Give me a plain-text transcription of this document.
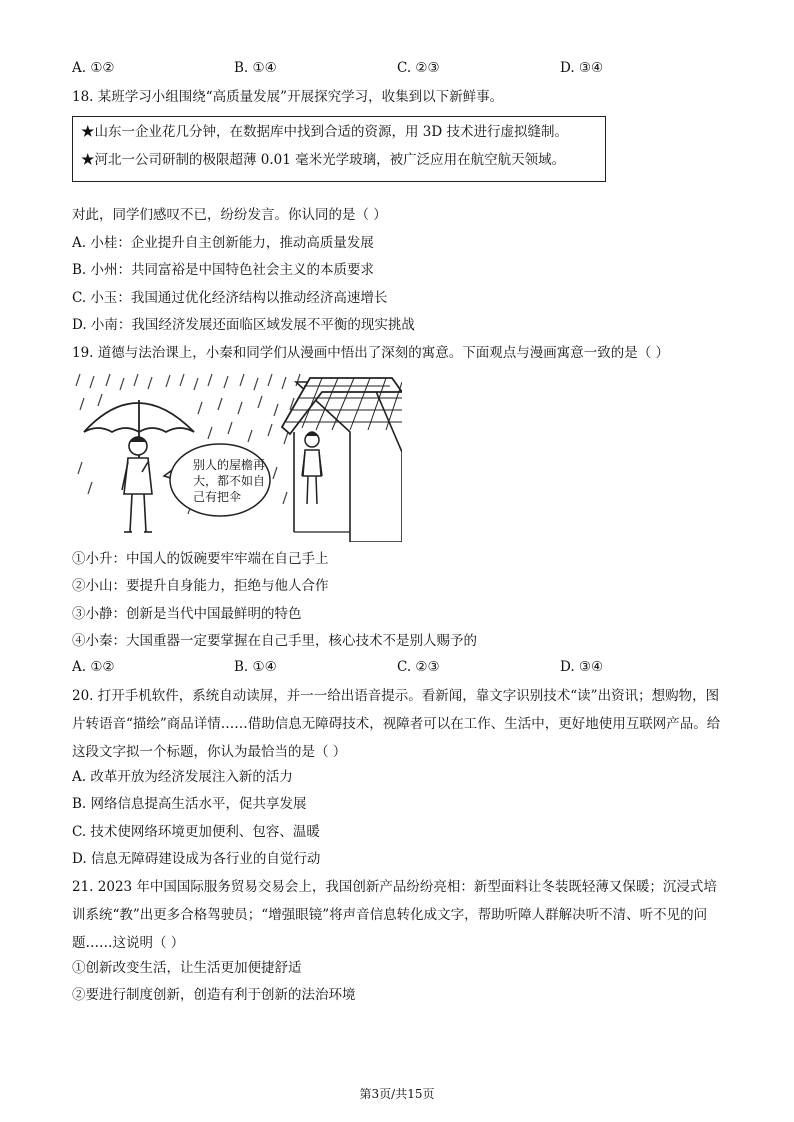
A. ①②	B. ①④	C. ②③	D. ③④
18. 某班学习小组围绕“高质量发展”开展探究学习，收集到以下新鲜事。
★山东一企业花几分钟，在数据库中找到合适的资源，用 3D 技术进行虚拟缝制。
★河北一公司研制的极限超薄 0.01 毫米光学玻璃，被广泛应用在航空航天领域。
对此，同学们感叹不已，纷纷发言。你认同的是（ ）
A. 小桂：企业提升自主创新能力，推动高质量发展
B. 小州：共同富裕是中国特色社会主义的本质要求
C. 小玉：我国通过优化经济结构以推动经济高速增长
D. 小南：我国经济发展还面临区域发展不平衡的现实挑战
19. 道德与法治课上，小秦和同学们从漫画中悟出了深刻的寓意。下面观点与漫画寓意一致的是（ ）
别人的屋檐再
大，都不如自
己有把伞
①小升：中国人的饭碗要牢牢端在自己手上
②小山：要提升自身能力，拒绝与他人合作
③小静：创新是当代中国最鲜明的特色
④小秦：大国重器一定要掌握在自己手里，核心技术不是别人赐予的
A. ①②	B. ①④	C. ②③	D. ③④
20. 打开手机软件，系统自动读屏，并一一给出语音提示。看新闻，靠文字识别技术“读”出资讯；想购物，图片转语音“描绘”商品详情……借助信息无障碍技术，视障者可以在工作、生活中，更好地使用互联网产品。给这段文字拟一个标题，你认为最恰当的是（ ）
A. 改革开放为经济发展注入新的活力
B. 网络信息提高生活水平，促共享发展
C. 技术使网络环境更加便利、包容、温暖
D. 信息无障碍建设成为各行业的自觉行动
21. 2023 年中国国际服务贸易交易会上，我国创新产品纷纷亮相：新型面料让冬装既轻薄又保暖；沉浸式培训系统“教”出更多合格驾驶员；“增强眼镜”将声音信息转化成文字，帮助听障人群解决听不清、听不见的问题……这说明（ ）
①创新改变生活，让生活更加便捷舒适
②要进行制度创新，创造有利于创新的法治环境
第3页/共15页
